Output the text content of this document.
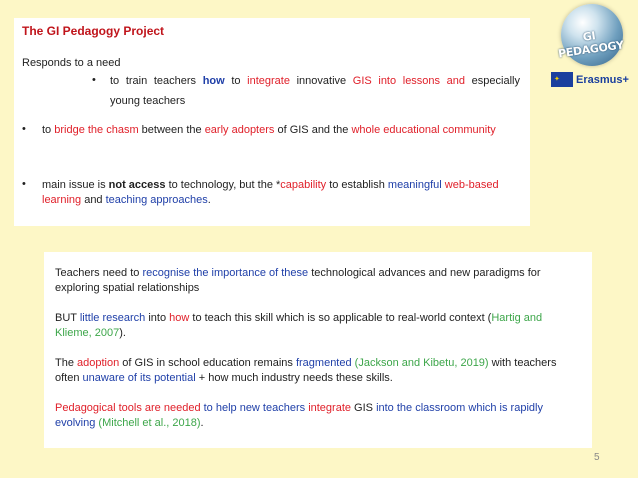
GI PEDAGOGY
✦ Erasmus+
The GI Pedagogy Project
Responds to a need
• to train teachers how to integrate innovative GIS into lessons and especially
young teachers
• to bridge the chasm between the early adopters of GIS and the whole educational community
• main issue is not access to technology, but the *capability to establish meaningful web-based
learning and teaching approaches.
Teachers need to recognise the importance of these technological advances and new paradigms for
exploring spatial relationships
BUT little research into how to teach this skill which is so applicable to real-world context (Hartig and
Klieme, 2007).
The adoption of GIS in school education remains fragmented (Jackson and Kibetu, 2019) with teachers
often unaware of its potential + how much industry needs these skills.
Pedagogical tools are needed to help new teachers integrate GIS into the classroom which is rapidly
evolving (Mitchell et al., 2018).
5
